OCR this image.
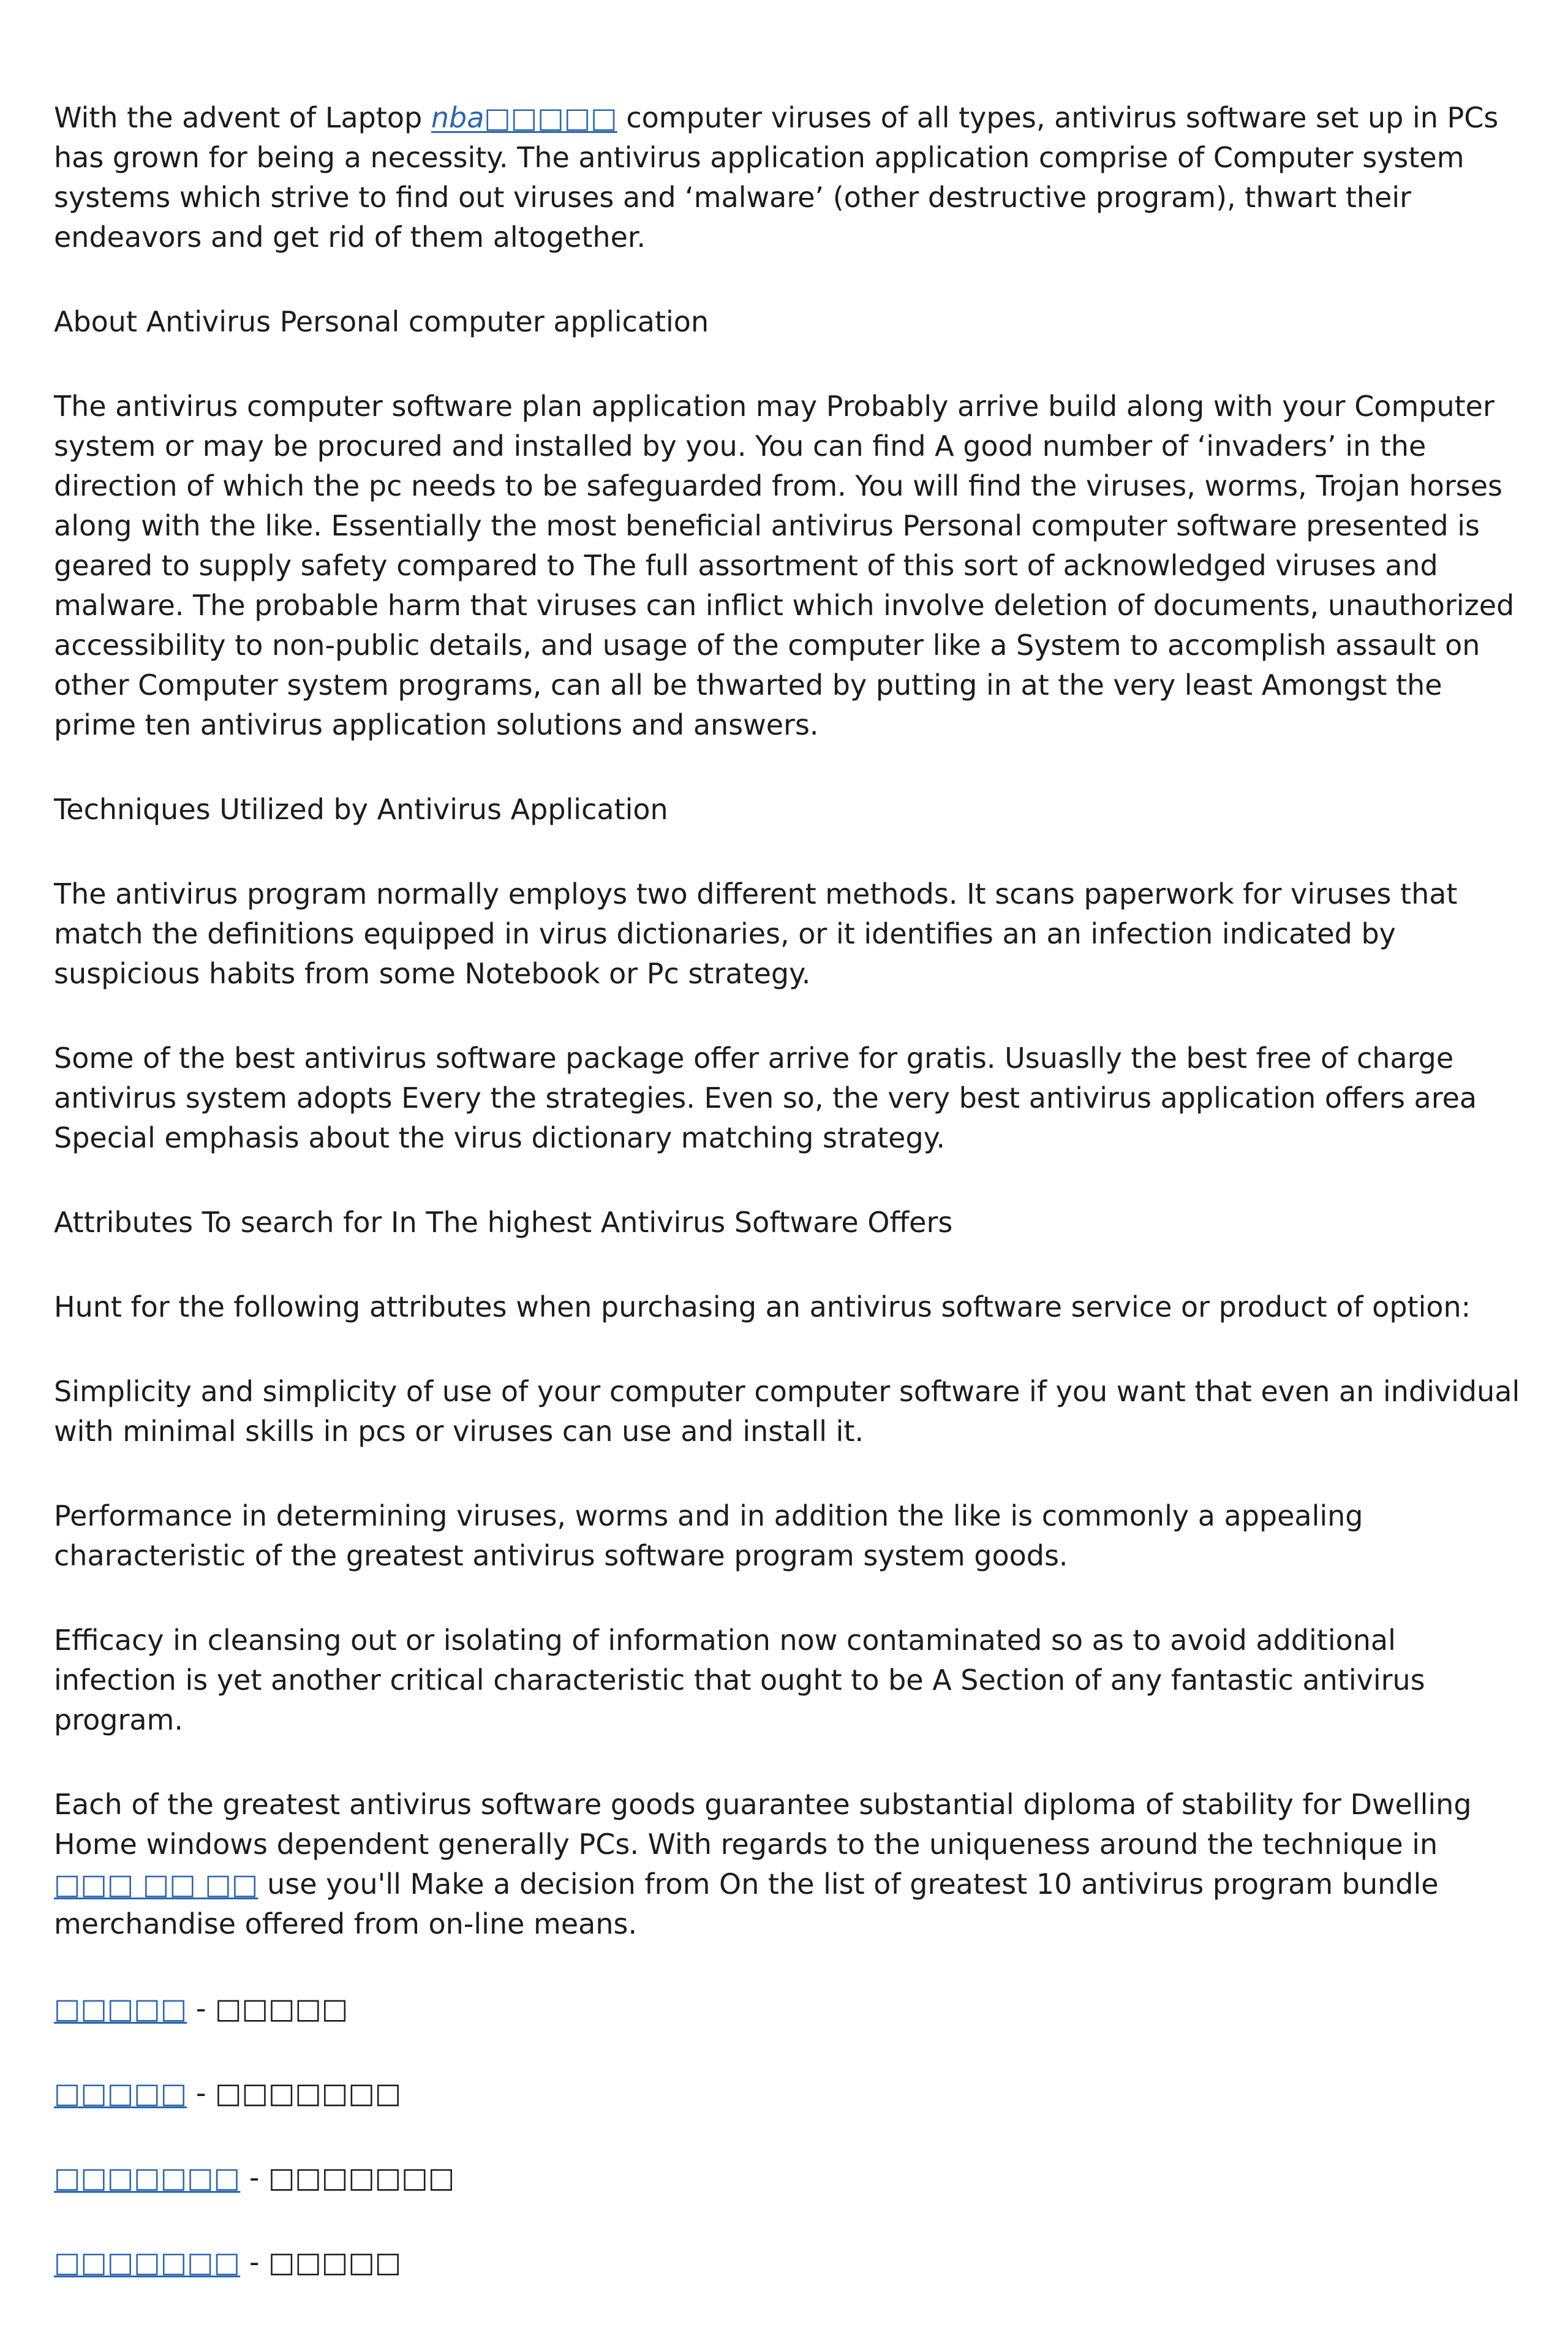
With the advent of Laptop nba□□□□□ computer viruses of all types, antivirus software set up in PCs has grown for being a necessity. The antivirus application application comprise of Computer system systems which strive to find out viruses and ‘malware’ (other destructive program), thwart their endeavors and get rid of them altogether.

About Antivirus Personal computer application

The antivirus computer software plan application may Probably arrive build along with your Computer system or may be procured and installed by you. You can find A good number of ‘invaders’ in the direction of which the pc needs to be safeguarded from. You will find the viruses, worms, Trojan horses along with the like. Essentially the most beneficial antivirus Personal computer software presented is geared to supply safety compared to The full assortment of this sort of acknowledged viruses and malware. The probable harm that viruses can inflict which involve deletion of documents, unauthorized accessibility to non-public details, and usage of the computer like a System to accomplish assault on other Computer system programs, can all be thwarted by putting in at the very least Amongst the prime ten antivirus application solutions and answers.

Techniques Utilized by Antivirus Application

The antivirus program normally employs two different methods. It scans paperwork for viruses that match the definitions equipped in virus dictionaries, or it identifies an an infection indicated by suspicious habits from some Notebook or Pc strategy.

Some of the best antivirus software package offer arrive for gratis. Usuaslly the best free of charge antivirus system adopts Every the strategies. Even so, the very best antivirus application offers area Special emphasis about the virus dictionary matching strategy.

Attributes To search for In The highest Antivirus Software Offers

Hunt for the following attributes when purchasing an antivirus software service or product of option:

Simplicity and simplicity of use of your computer computer software if you want that even an individual with minimal skills in pcs or viruses can use and install it.

Performance in determining viruses, worms and in addition the like is commonly a appealing characteristic of the greatest antivirus software program system goods.

Efficacy in cleansing out or isolating of information now contaminated so as to avoid additional infection is yet another critical characteristic that ought to be A Section of any fantastic antivirus program.

Each of the greatest antivirus software goods guarantee substantial diploma of stability for Dwelling Home windows dependent generally PCs. With regards to the uniqueness around the technique in □□□ □□ □□ use you'll Make a decision from On the list of greatest 10 antivirus program bundle merchandise offered from on-line means.

□□□□□ - □□□□□
□□□□□ - □□□□□□□
□□□□□□□ - □□□□□□□
□□□□□□□ - □□□□□
